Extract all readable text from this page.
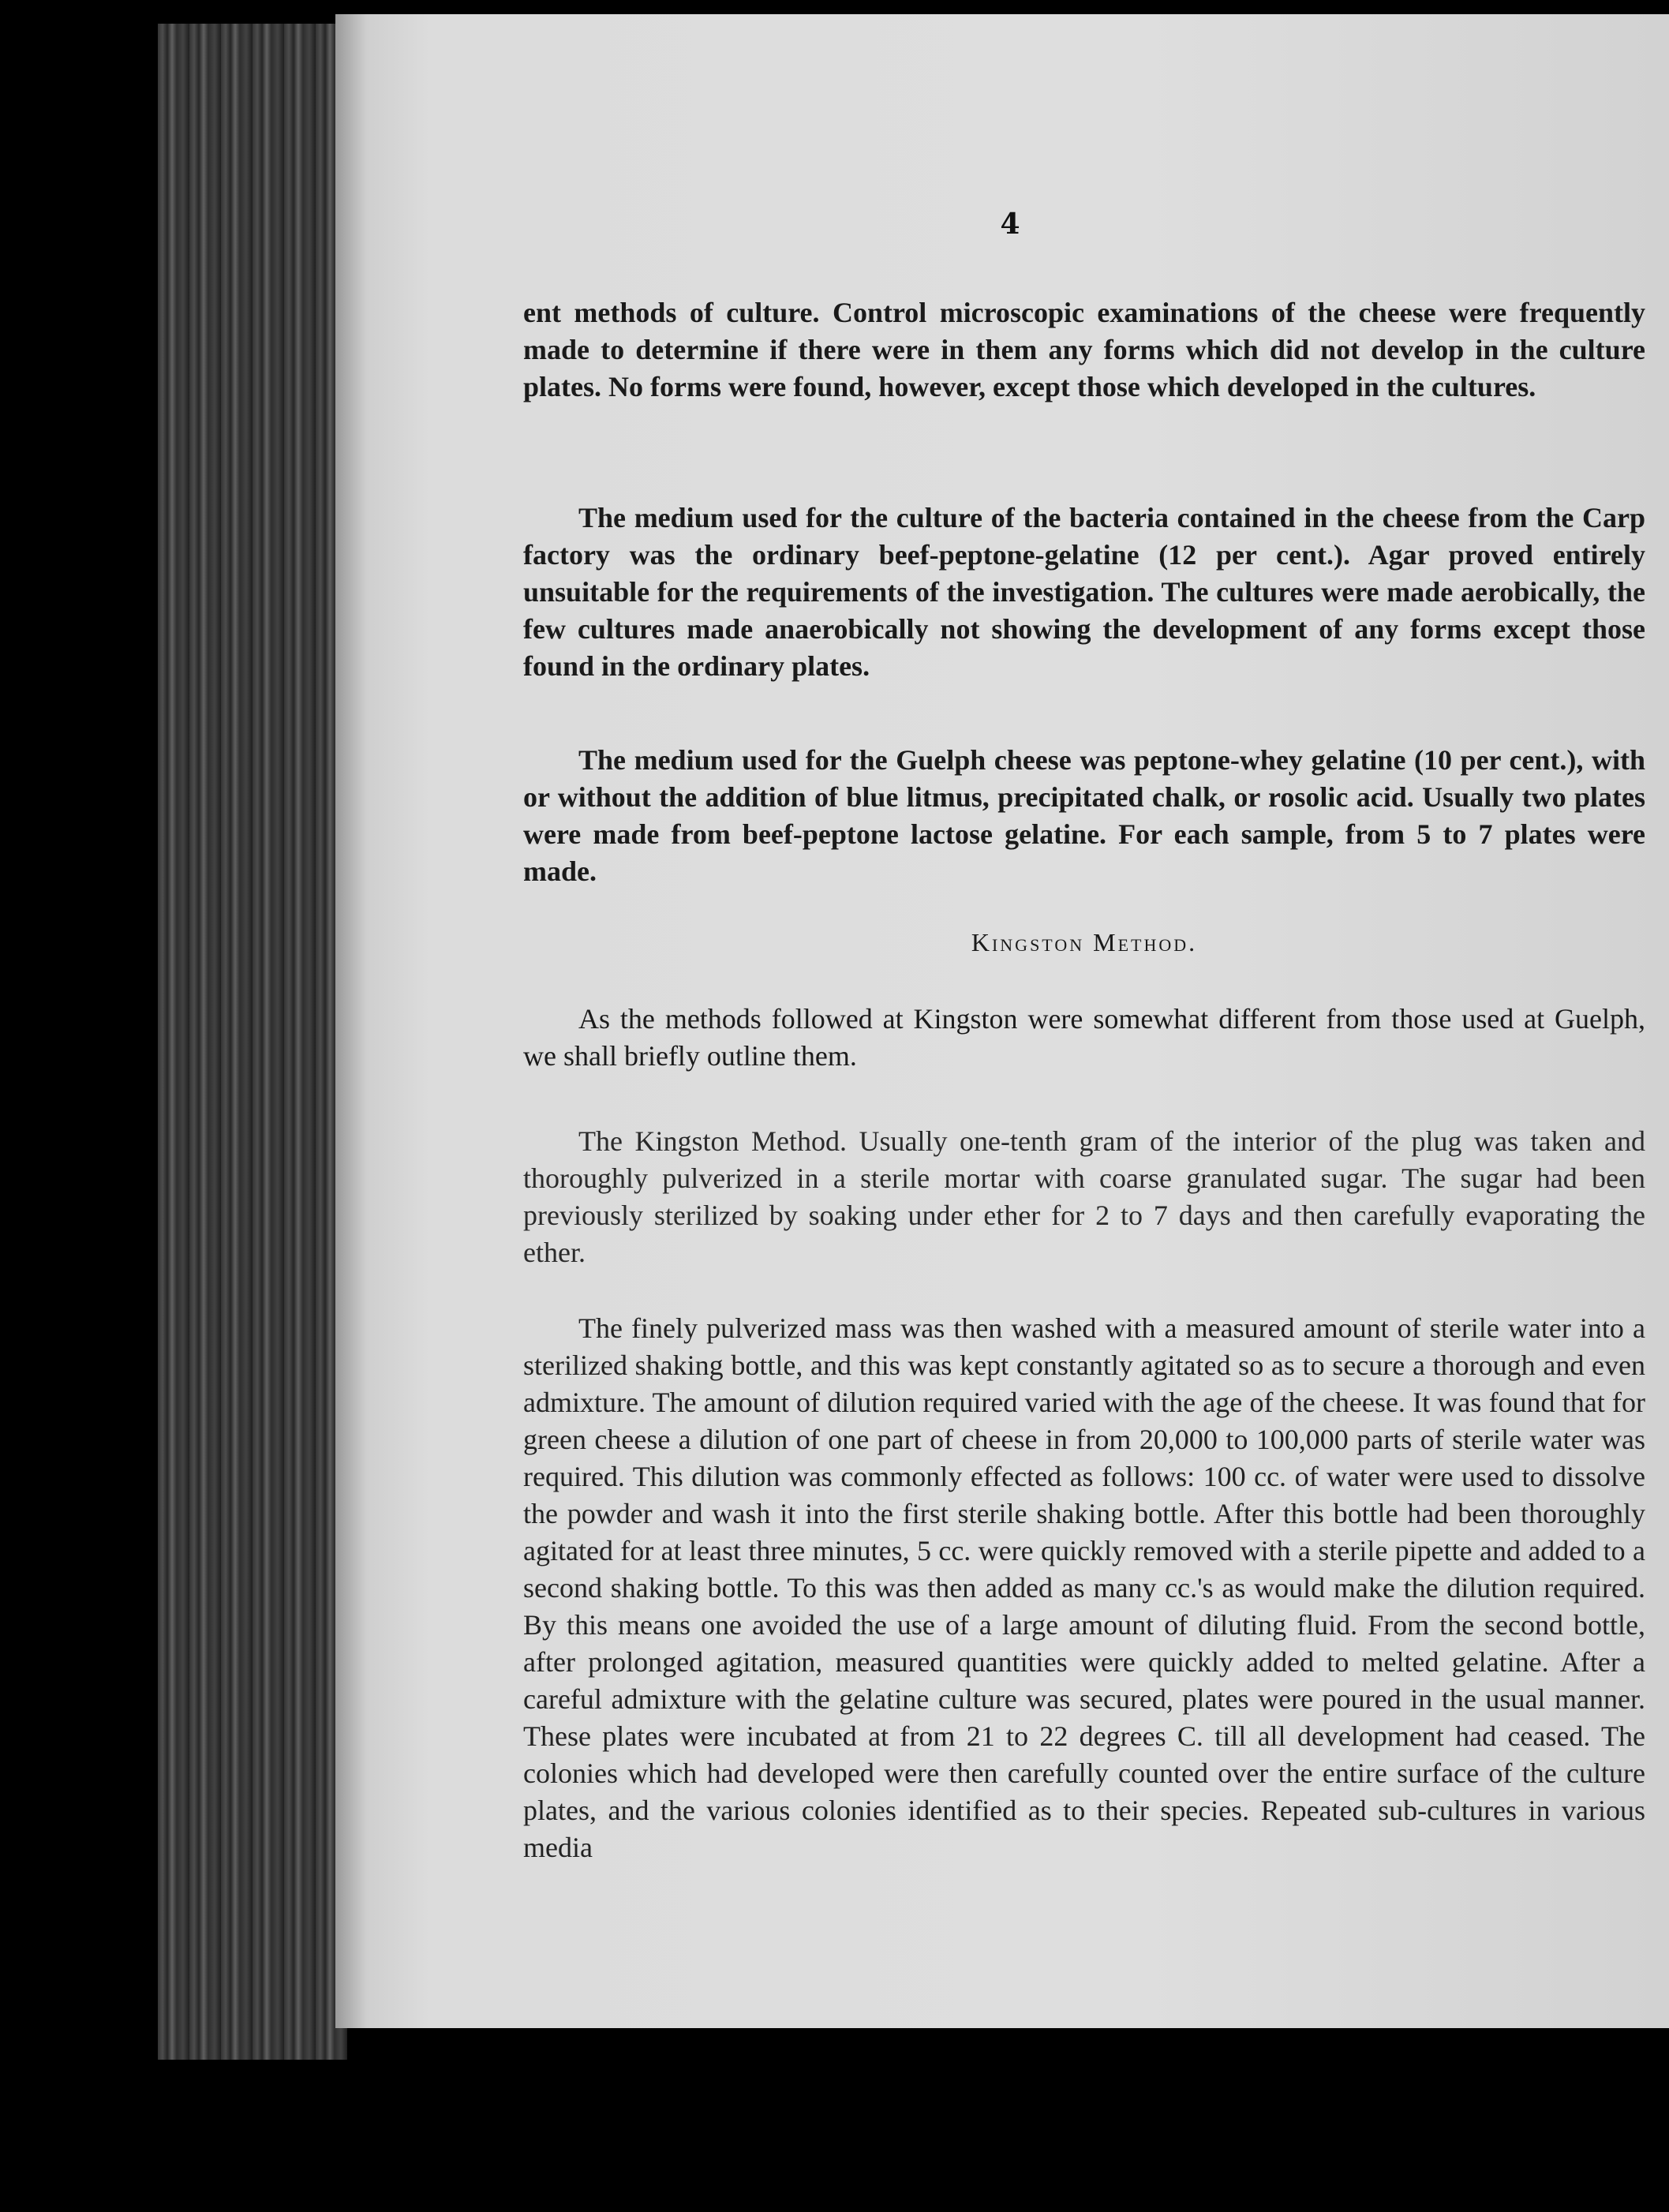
4
ent methods of culture. Control microscopic examinations of the cheese were frequently made to determine if there were in them any forms which did not develop in the culture plates. No forms were found, however, except those which developed in the cultures.
The medium used for the culture of the bacteria contained in the cheese from the Carp factory was the ordinary beef-peptone-gelatine (12 per cent.). Agar proved entirely unsuitable for the requirements of the investigation. The cultures were made aerobically, the few cultures made anaerobically not showing the development of any forms except those found in the ordinary plates.
The medium used for the Guelph cheese was peptone-whey gelatine (10 per cent.), with or without the addition of blue litmus, precipitated chalk, or rosolic acid. Usually two plates were made from beef-peptone lactose gelatine. For each sample, from 5 to 7 plates were made.
Kingston Method.
As the methods followed at Kingston were somewhat different from those used at Guelph, we shall briefly outline them.
The Kingston Method. Usually one-tenth gram of the interior of the plug was taken and thoroughly pulverized in a sterile mortar with coarse granulated sugar. The sugar had been previously sterilized by soaking under ether for 2 to 7 days and then carefully evaporating the ether.
The finely pulverized mass was then washed with a measured amount of sterile water into a sterilized shaking bottle, and this was kept constantly agitated so as to secure a thorough and even admixture. The amount of dilution required varied with the age of the cheese. It was found that for green cheese a dilution of one part of cheese in from 20,000 to 100,000 parts of sterile water was required. This dilution was commonly effected as follows: 100 cc. of water were used to dissolve the powder and wash it into the first sterile shaking bottle. After this bottle had been thoroughly agitated for at least three minutes, 5 cc. were quickly removed with a sterile pipette and added to a second shaking bottle. To this was then added as many cc.'s as would make the dilution required. By this means one avoided the use of a large amount of diluting fluid. From the second bottle, after prolonged agitation, measured quantities were quickly added to melted gelatine. After a careful admixture with the gelatine culture was secured, plates were poured in the usual manner. These plates were incubated at from 21 to 22 degrees C. till all development had ceased. The colonies which had developed were then carefully counted over the entire surface of the culture plates, and the various colonies identified as to their species. Repeated sub-cultures in various media
